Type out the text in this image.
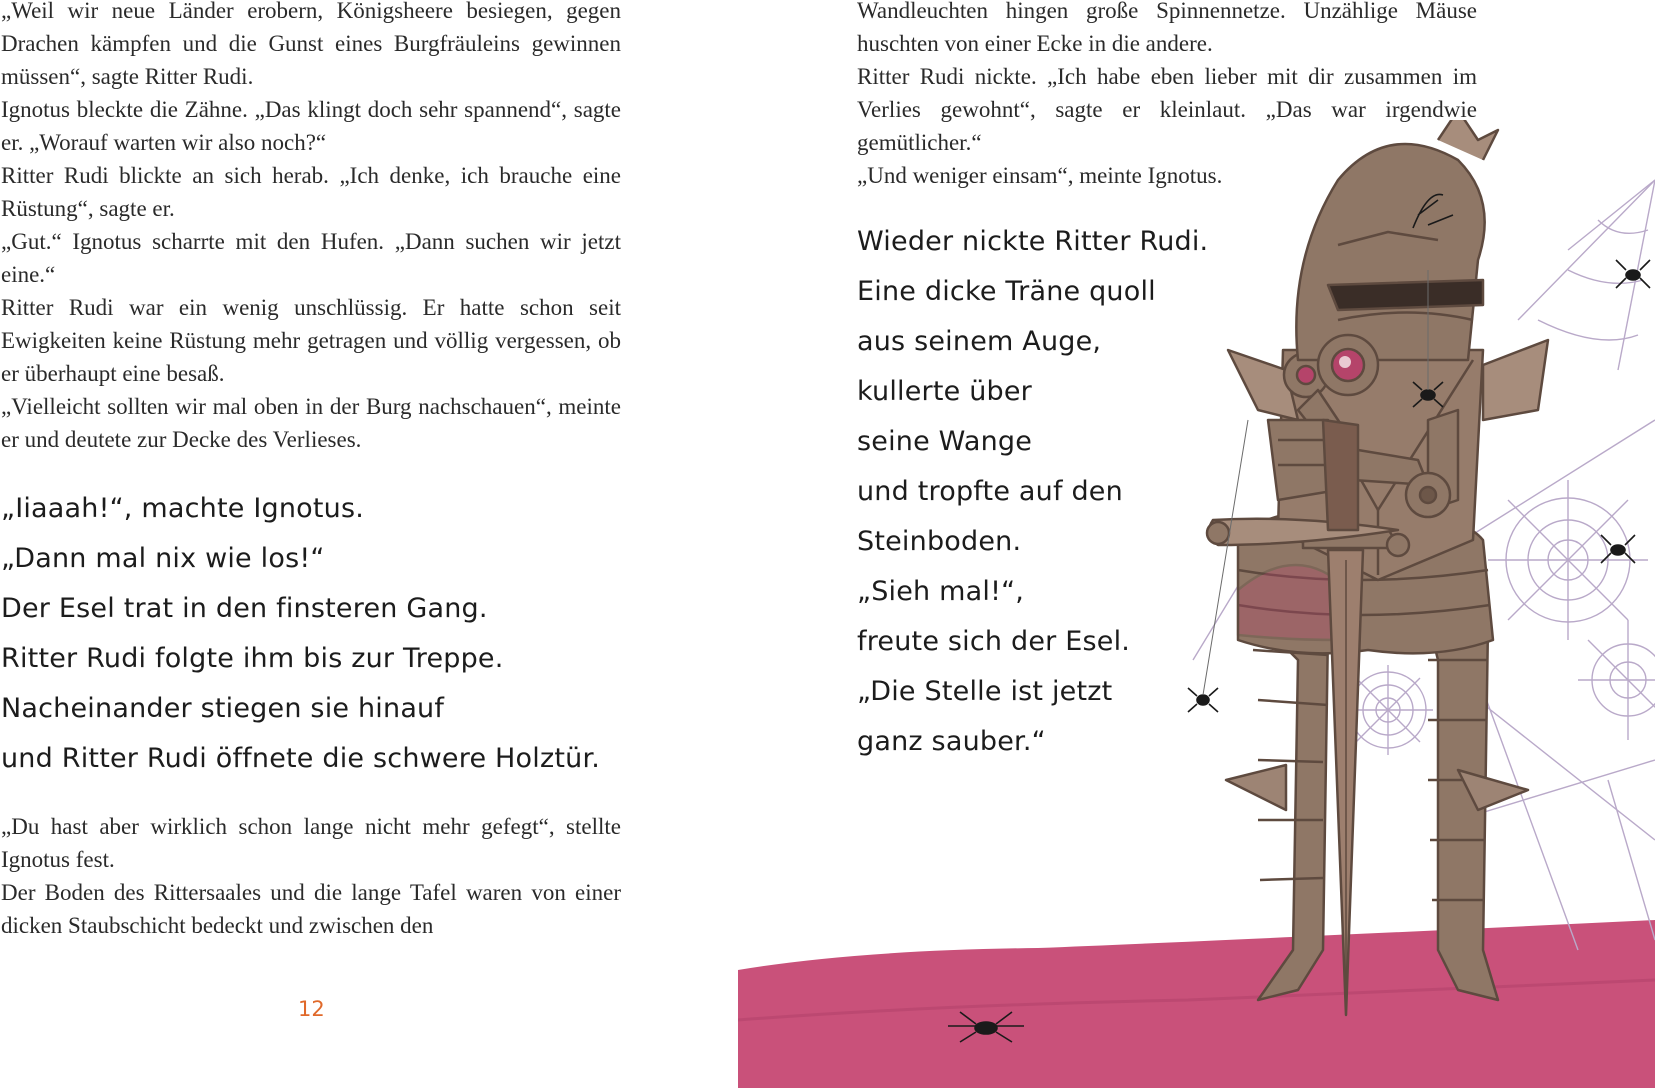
„Weil wir neue Länder erobern, Königsheere besiegen, gegen Drachen kämpfen und die Gunst eines Burgfräuleins gewinnen müssen“, sagte Ritter Rudi.

Ignotus bleckte die Zähne. „Das klingt doch sehr spannend“, sagte er. „Worauf warten wir also noch?“

Ritter Rudi blickte an sich herab. „Ich denke, ich brauche eine Rüstung“, sagte er.

„Gut.“ Ignotus scharrte mit den Hufen. „Dann suchen wir jetzt eine.“

Ritter Rudi war ein wenig unschlüssig. Er hatte schon seit Ewigkeiten keine Rüstung mehr getragen und völlig vergessen, ob er überhaupt eine besaß.

„Vielleicht sollten wir mal oben in der Burg nachschauen“, meinte er und deutete zur Decke des Verlieses.

„Iiaaah!“, machte Ignotus.

„Dann mal nix wie los!“

Der Esel trat in den finsteren Gang.

Ritter Rudi folgte ihm bis zur Treppe.

Nacheinander stiegen sie hinauf

und Ritter Rudi öffnete die schwere Holztür.

„Du hast aber wirklich schon lange nicht mehr gefegt“, stellte Ignotus fest.

Der Boden des Rittersaales und die lange Tafel waren von einer dicken Staubschicht bedeckt und zwischen den

12

Wandleuchten hingen große Spinnennetze. Unzählige Mäuse huschten von einer Ecke in die andere.

Ritter Rudi nickte. „Ich habe eben lieber mit dir zusammen im Verlies gewohnt“, sagte er kleinlaut. „Das war irgendwie gemütlicher.“

„Und weniger einsam“, meinte Ignotus.

Wieder nickte Ritter Rudi.

Eine dicke Träne quoll

aus seinem Auge,

kullerte über

seine Wange

und tropfte auf den

Steinboden.

„Sieh mal!“,

freute sich der Esel.

„Die Stelle ist jetzt

ganz sauber.“
